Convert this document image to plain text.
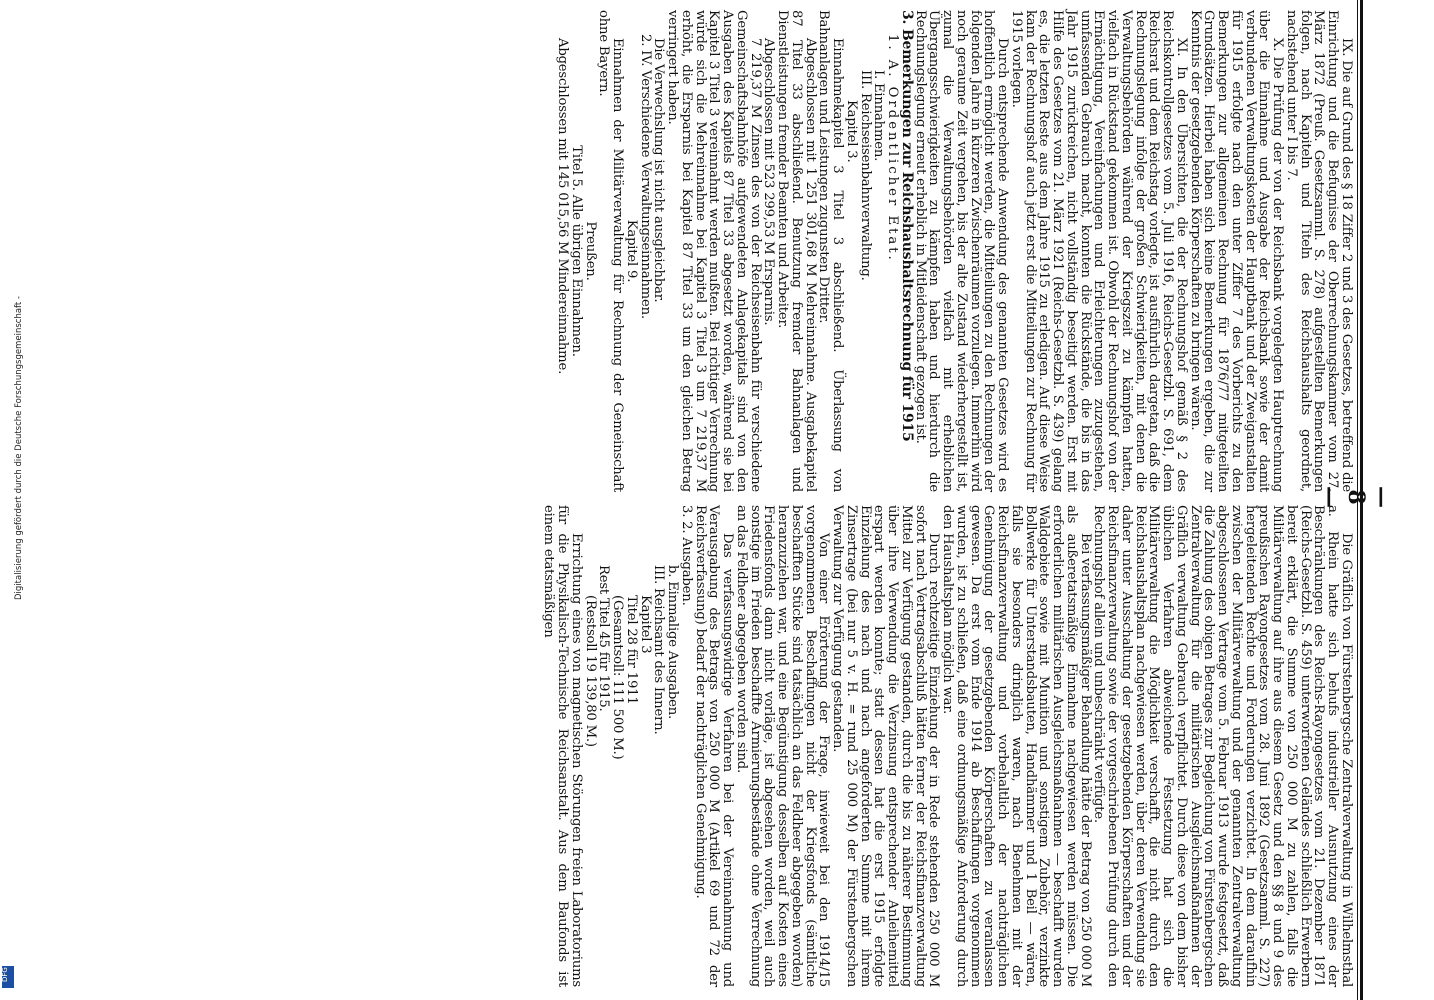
— 8 —

IX. Die auf Grund des § 18 Ziffer 2 und 3 des Gesetzes, betreffend die Einrichtung und die Befugnisse der Oberrechnungskammer vom 27. März 1872 (Preuß. Gesetzsamml. S. 278) aufgestellten Bemerkungen folgen, nach Kapiteln und Titeln des Reichshaushalts geordnet, nachstehend unter I bis 7.

X. Die Prüfung der von der Reichsbank vorgelegten Hauptrechnung über die Einnahme und Ausgabe der Reichsbank sowie der damit verbundenen Verwaltungskosten der Hauptbank und der Zweiganstalten für 1915 erfolgte nach den unter Ziffer 7 des Vorberichts zu den Bemerkungen zur allgemeinen Rechnung für 1876/77 mitgeteilten Grundsätzen. Hierbei haben sich keine Bemerkungen ergeben, die zur Kenntnis der gesetzgebenden Körperschaften zu bringen wären.

XI. In den Übersichten, die der Rechnungshof gemäß § 2 des Reichskontrollgesetzes vom 5. Juli 1916, Reichs-Gesetzbl. S. 691, dem Reichsrat und dem Reichstag vorlegte, ist ausführlich dargetan, daß die Rechnungslegung infolge der großen Schwierigkeiten, mit denen die Verwaltungsbehörden während der Kriegszeit zu kämpfen hatten, vielfach in Rückstand gekommen ist. Obwohl der Rechnungshof von der Ermächtigung, Vereinfachungen und Erleichterungen zuzugestehen, umfassenden Gebrauch macht, konnten die Rückstände, die bis in das Jahr 1915 zurückreichen, nicht vollständig beseitigt werden. Erst mit Hilfe des Gesetzes vom 21. März 1921 (Reichs-Gesetzbl. S. 439) gelang es, die letzten Reste aus dem Jahre 1915 zu erledigen. Auf diese Weise kam der Rechnungshof auch jetzt erst die Mitteilungen zur Rechnung für 1915 vorlegen.

Durch entsprechende Anwendung des genannten Gesetzes wird es hoffentlich ermöglicht werden, die Mitteilungen zu den Rechnungen der folgenden Jahre in kürzeren Zwischenräumen vorzulegen. Immerhin wird noch geraume Zeit vergehen, bis der alte Zustand wiederhergestellt ist, zumal die Verwaltungsbehörden vielfach mit erheblichen Übergangsschwierigkeiten zu kämpfen haben und hierdurch die Rechnungslegung erneut erheblich in Mitleidenschaft gezogen ist.

3. Bemerkungen zur Reichshaushaltsrechnung für 1915

1. A. Ordentlicher Etat.

I. Einnahmen.

III. Reichseisenbahnverwaltung.

Kapitel 3.

Einnahmekapitel 3 Titel 3 abschließend. Überlassung von Bahnanlagen und Leistungen zugunsten Dritter.

Abgeschlossen mit 1 251 301,68 M Mehreinnahme. Ausgabekapitel 87 Titel 33 abschließend. Benutzung fremder Bahnanlagen und Dienstleistungen fremder Beamten und Arbeiter.

Abgeschlossen mit 523 299,53 M Ersparnis.

7 219,37 M Zinsen des von der Reichseisenbahn für verschiedene Gemeinschaftsbahnhöfe aufgewendeten Anlagekapitals sind von den Ausgaben des Kapitels 87 Titel 33 abgesetzt worden, während sie bei Kapitel 3 Titel 3 vereinnahmt werden mußten. Bei richtiger Verrechnung würde sich die Mehreinnahme bei Kapitel 3 Titel 3 um 7 219,37 M erhöht, die Ersparnis bei Kapitel 87 Titel 33 um den gleichen Betrag verringert haben.

Die Verwechslung ist nicht ausgleichbar.

2. IV. Verschiedene Verwaltungseinnahmen.

Kapitel 9.

Einnahmen der Militärverwaltung für Rechnung der Gemeinschaft ohne Bayern.

Preußen.

Titel 5. Alle übrigen Einnahmen.

Abgeschlossen mit 145 015,56 M Mindereinnahme.

Die Gräflich von Fürstenbergsche Zentralverwaltung in Wilhelmsthal a. Rhein hatte sich behufs industrieller Ausnutzung eines der Beschränkungen des Reichs-Rayongesetzes vom 21. Dezember 1871 (Reichs-Gesetzbl. S. 459) unterworfenen Geländes schließlich Erwerbern bereit erklärt, die Summe von 250 000 M zu zahlen, falls die Militärverwaltung auf ihre aus diesem Gesetz und den §§ 8 und 9 des preußischen Rayongesetzes vom 28. Juni 1892 (Gesetzsamml. S. 227) hergeleitenden Rechte und Forderungen verzichtet. In dem daraufhin zwischen der Militärverwaltung und der genannten Zentralverwaltung abgeschlossenen Vertrage vom 5. Februar 1913 wurde festgesetzt, daß die Zahlung des obigen Betrages zur Begleichung von Fürstenbergschen Zentralverwaltung für die militärischen Ausgleichsmaßnahmen der Gräflich verwaltung Gebrauch verpflichtet. Durch diese von dem bisher üblichen Verfahren abweichende Festsetzung hat sich die Militärverwaltung die Möglichkeit verschafft, die nicht durch den Reichshaushaltsplan nachgewiesen werden, über deren Verwendung sie daher unter Ausschaltung der gesetzgebenden Körperschaften und der Reichsfinanzverwaltung sowie der vorgeschriebenen Prüfung durch den Rechnungshof allein und unbeschränkt verfügte.

Bei verfassungsmäßiger Behandlung hätte der Betrag von 250 000 M als außeretatsmäßige Einnahme nachgewiesen werden müssen. Die erforderlichen militärischen Ausgleichsmaßnahmen — beschafft wurden Waldgebiete sowie mit Munition und sonstigem Zubehör, verzinkte Bollwerke für Unterstandsbauten, Handhämmer und 1 Beil — wären, falls sie besonders dringlich waren, nach Benehmen mit der Reichsfinanzverwaltung und vorbehaltlich der nachträglichen Genehmigung der gesetzgebenden Körperschaften zu veranlassen gewesen. Da erst vom Ende 1914 ab Beschaffungen vorgenommen wurden, ist zu schließen, daß eine ordnungsmäßige Anforderung durch den Haushaltsplan möglich war.

Durch rechtzeitige Einziehung der in Rede stehenden 250 000 M sofort nach Vertragsabschluß hätten ferner der Reichsfinanzverwaltung Mittel zur Verfügung gestanden, durch die bis zu näherer Bestimmung über ihre Verwendung die Verzinsung entsprechender Anleihemittel erspart werden konnte; statt dessen hat die erst 1915 erfolgte Einziehung des nach und nach angeforderten Summe mit ihrem Zinsertrage (bei nur 5 v. H. = rund 25 000 M) der Fürstenbergschen Verwaltung zur Verfügung gestanden.

Von einer Erörterung der Frage, inwieweit bei den 1914/15 vorgenommenen Beschaffungen nicht der Kriegsfonds (sämtliche beschafften Stücke sind tatsächlich an das Feldheer abgegeben worden) heranzuziehen war, und eine Begünstigung desselben auf Kosten eines Friedensfonds dann nicht vorläge, ist abgesehen worden, weil auch sonstige im Frieden beschaffte Armierungsbestände ohne Verrechnung an das Feldheer abgegeben worden sind.

Das verfassungswidrige Verfahren bei der Vereinnahmung und Verausgabung des Betrags von 250 000 M (Artikel 69 und 72 der Reichsverfassung) bedarf der nachträglichen Genehmigung.

3. 2. Ausgaben.

b. Einmalige Ausgaben.

III. Reichsamt des Innern.

Kapitel 3

Titel 28 für 1911

(Gesamtsoll: 111 500 M.)

Rest Titel 45 für 1915.

(Restsoll 19 139,80 M.)

Errichtung eines von magnetischen Störungen freien Laboratoriums für die Physikalisch-Technische Reichsanstalt. Aus dem Baufonds ist einem etatsmäßigen

Digitalisierung gefördert durch die Deutsche Forschungsgemeinschaft -
DFG
